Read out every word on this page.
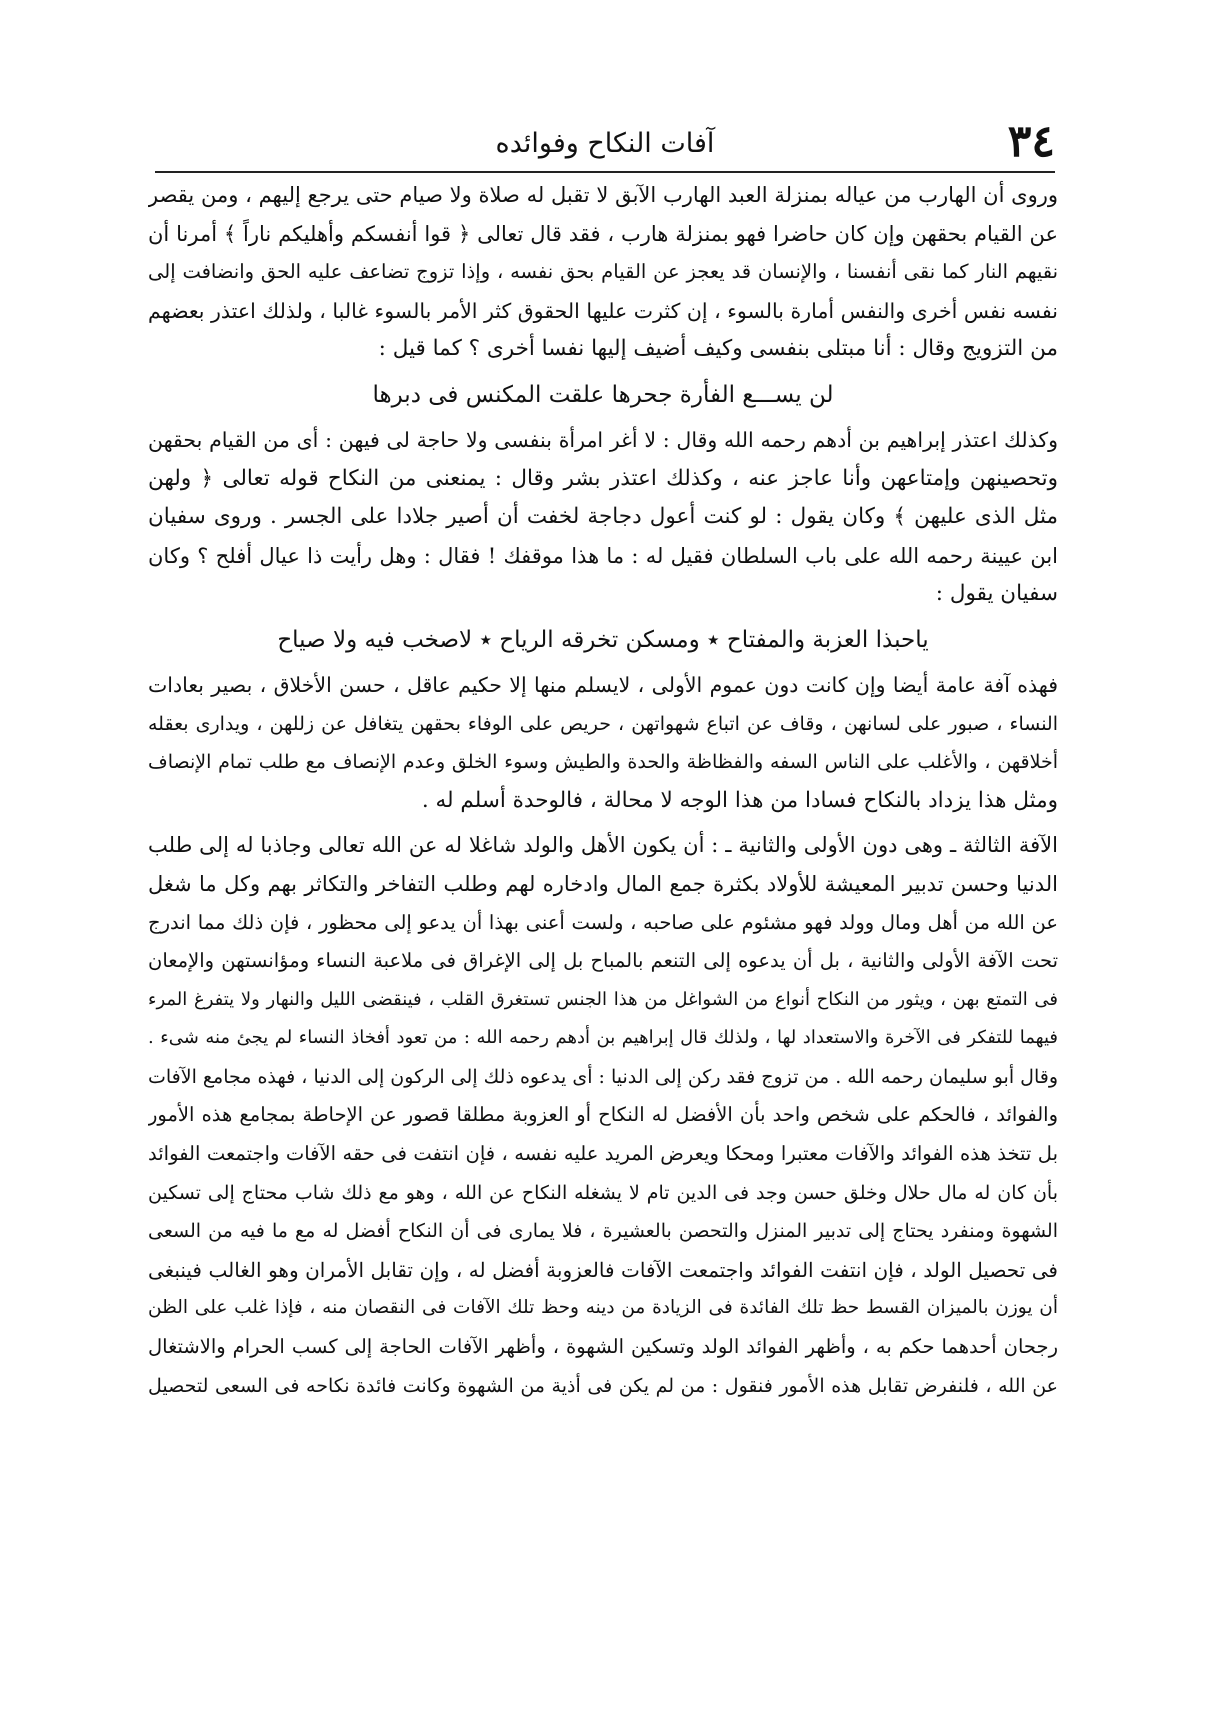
٣٤
آفات النكاح وفوائده
وروى أن الهارب من عياله بمنزلة العبد الهارب الآبق لا تقبل له صلاة ولا صيام حتى يرجع إليهم ، ومن يقصر
عن القيام بحقهن وإن كان حاضرا فهو بمنزلة هارب ، فقد قال تعالى ﴿ قوا أنفسكم وأهليكم ناراً ﴾ أمرنا أن
نقيهم النار كما نقى أنفسنا ، والإنسان قد يعجز عن القيام بحق نفسه ، وإذا تزوج تضاعف عليه الحق وانضافت إلى
نفسه نفس أخرى والنفس أمارة بالسوء ، إن كثرت عليها الحقوق كثر الأمر بالسوء غالبا ، ولذلك اعتذر بعضهم
من التزويج وقال : أنا مبتلى بنفسى وكيف أضيف إليها نفسا أخرى ؟ كما قيل :
لن يســـع الفأرة جحرها علقت المكنس فى دبرها
وكذلك اعتذر إبراهيم بن أدهم رحمه الله وقال : لا أغر امرأة بنفسى ولا حاجة لى فيهن : أى من القيام بحقهن
وتحصينهن وإمتاعهن وأنا عاجز عنه ، وكذلك اعتذر بشر وقال : يمنعنى من النكاح قوله تعالى ﴿ ولهن
مثل الذى عليهن ﴾ وكان يقول : لو كنت أعول دجاجة لخفت أن أصير جلادا على الجسر . وروى سفيان
ابن عيينة رحمه الله على باب السلطان فقيل له : ما هذا موقفك ! فقال : وهل رأيت ذا عيال أفلح ؟ وكان
سفيان يقول :
ياحبذا العزبة والمفتاح ٭ ومسكن تخرقه الرياح ٭ لاصخب فيه ولا صياح
فهذه آفة عامة أيضا وإن كانت دون عموم الأولى ، لايسلم منها إلا حكيم عاقل ، حسن الأخلاق ، بصير بعادات
النساء ، صبور على لسانهن ، وقاف عن اتباع شهواتهن ، حريص على الوفاء بحقهن يتغافل عن زللهن ، ويدارى بعقله
أخلاقهن ، والأغلب على الناس السفه والفظاظة والحدة والطيش وسوء الخلق وعدم الإنصاف مع طلب تمام الإنصاف
ومثل هذا يزداد بالنكاح فسادا من هذا الوجه لا محالة ، فالوحدة أسلم له .
الآفة الثالثة ـ وهى دون الأولى والثانية ـ : أن يكون الأهل والولد شاغلا له عن الله تعالى وجاذبا له إلى طلب
الدنيا وحسن تدبير المعيشة للأولاد بكثرة جمع المال وادخاره لهم وطلب التفاخر والتكاثر بهم وكل ما شغل
عن الله من أهل ومال وولد فهو مشئوم على صاحبه ، ولست أعنى بهذا أن يدعو إلى محظور ، فإن ذلك مما اندرج
تحت الآفة الأولى والثانية ، بل أن يدعوه إلى التنعم بالمباح بل إلى الإغراق فى ملاعبة النساء ومؤانستهن والإمعان
فى التمتع بهن ، ويثور من النكاح أنواع من الشواغل من هذا الجنس تستغرق القلب ، فينقضى الليل والنهار ولا يتفرغ المرء
فيهما للتفكر فى الآخرة والاستعداد لها ، ولذلك قال إبراهيم بن أدهم رحمه الله : من تعود أفخاذ النساء لم يجئ منه شىء .
وقال أبو سليمان رحمه الله . من تزوج فقد ركن إلى الدنيا : أى يدعوه ذلك إلى الركون إلى الدنيا ، فهذه مجامع الآفات
والفوائد ، فالحكم على شخص واحد بأن الأفضل له النكاح أو العزوبة مطلقا قصور عن الإحاطة بمجامع هذه الأمور
بل تتخذ هذه الفوائد والآفات معتبرا ومحكا ويعرض المريد عليه نفسه ، فإن انتفت فى حقه الآفات واجتمعت الفوائد
بأن كان له مال حلال وخلق حسن وجد فى الدين تام لا يشغله النكاح عن الله ، وهو مع ذلك شاب محتاج إلى تسكين
الشهوة ومنفرد يحتاج إلى تدبير المنزل والتحصن بالعشيرة ، فلا يمارى فى أن النكاح أفضل له مع ما فيه من السعى
فى تحصيل الولد ، فإن انتفت الفوائد واجتمعت الآفات فالعزوبة أفضل له ، وإن تقابل الأمران وهو الغالب فينبغى
أن يوزن بالميزان القسط حظ تلك الفائدة فى الزيادة من دينه وحظ تلك الآفات فى النقصان منه ، فإذا غلب على الظن
رجحان أحدهما حكم به ، وأظهر الفوائد الولد وتسكين الشهوة ، وأظهر الآفات الحاجة إلى كسب الحرام والاشتغال
عن الله ، فلنفرض تقابل هذه الأمور فنقول : من لم يكن فى أذية من الشهوة وكانت فائدة نكاحه فى السعى لتحصيل
